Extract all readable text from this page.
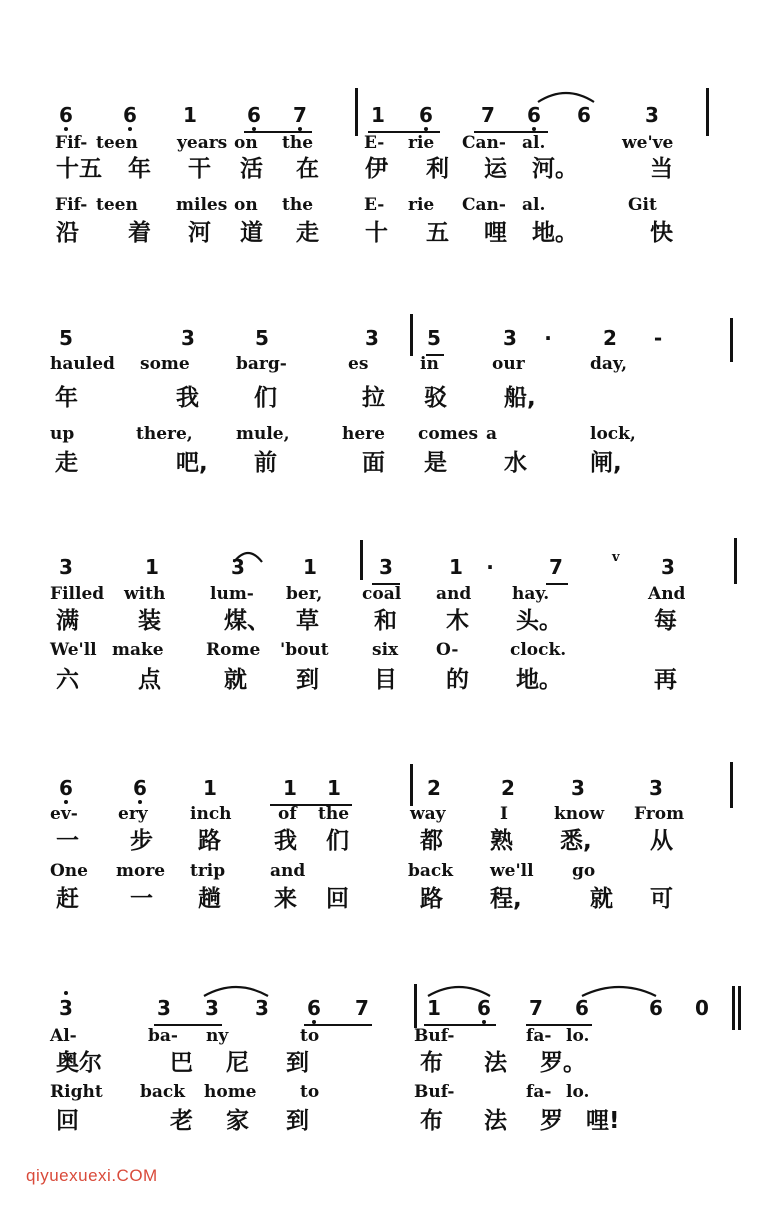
6	6	1	6	7	1	6	7	6	6	3
Fif- teen years on the	E- rie Can- al.	we've
十五 年 干 活 在 伊 利 运 河。	当
Fif- teen miles on the	E- rie Can- al.	Git
沿 着 河 道 走 十 五 哩 地。	快
5	3	5	3	5	3	·	2	-
hauled some	barg-	es	in	our	day,
年	我 们	拉 驳 船,
up	there,	mule,	here comes a	lock,
走	吧, 前	面 是 水	闸,
3	1	3	1	3	1	·	7	3
v
Filled with	lum- ber, coal and hay.	And
满	装	煤、 草 和 木 头。	每
We'll make Rome 'bout	six O-	clock.
六	点	就 到 目 的 地。	再
6	6	1	1	1	2	2	3	3
ev- ery inch	of the	way	I	know From
一 步 路 我 们	都 熟 悉,	从
One more trip	and	back we'll go
赶 一 趟 来 回	路 程,	就 可
3	3	3	3	6	7	1	6	7	6	6	0
Al-	ba- ny	to	Buf-	fa- lo.
奥尔	巴 尼 到	布 法 罗。
Right back home	to	Buf-	fa- lo.
回	老 家 到	布 法 罗 哩!
qiyuexuexi.COM
